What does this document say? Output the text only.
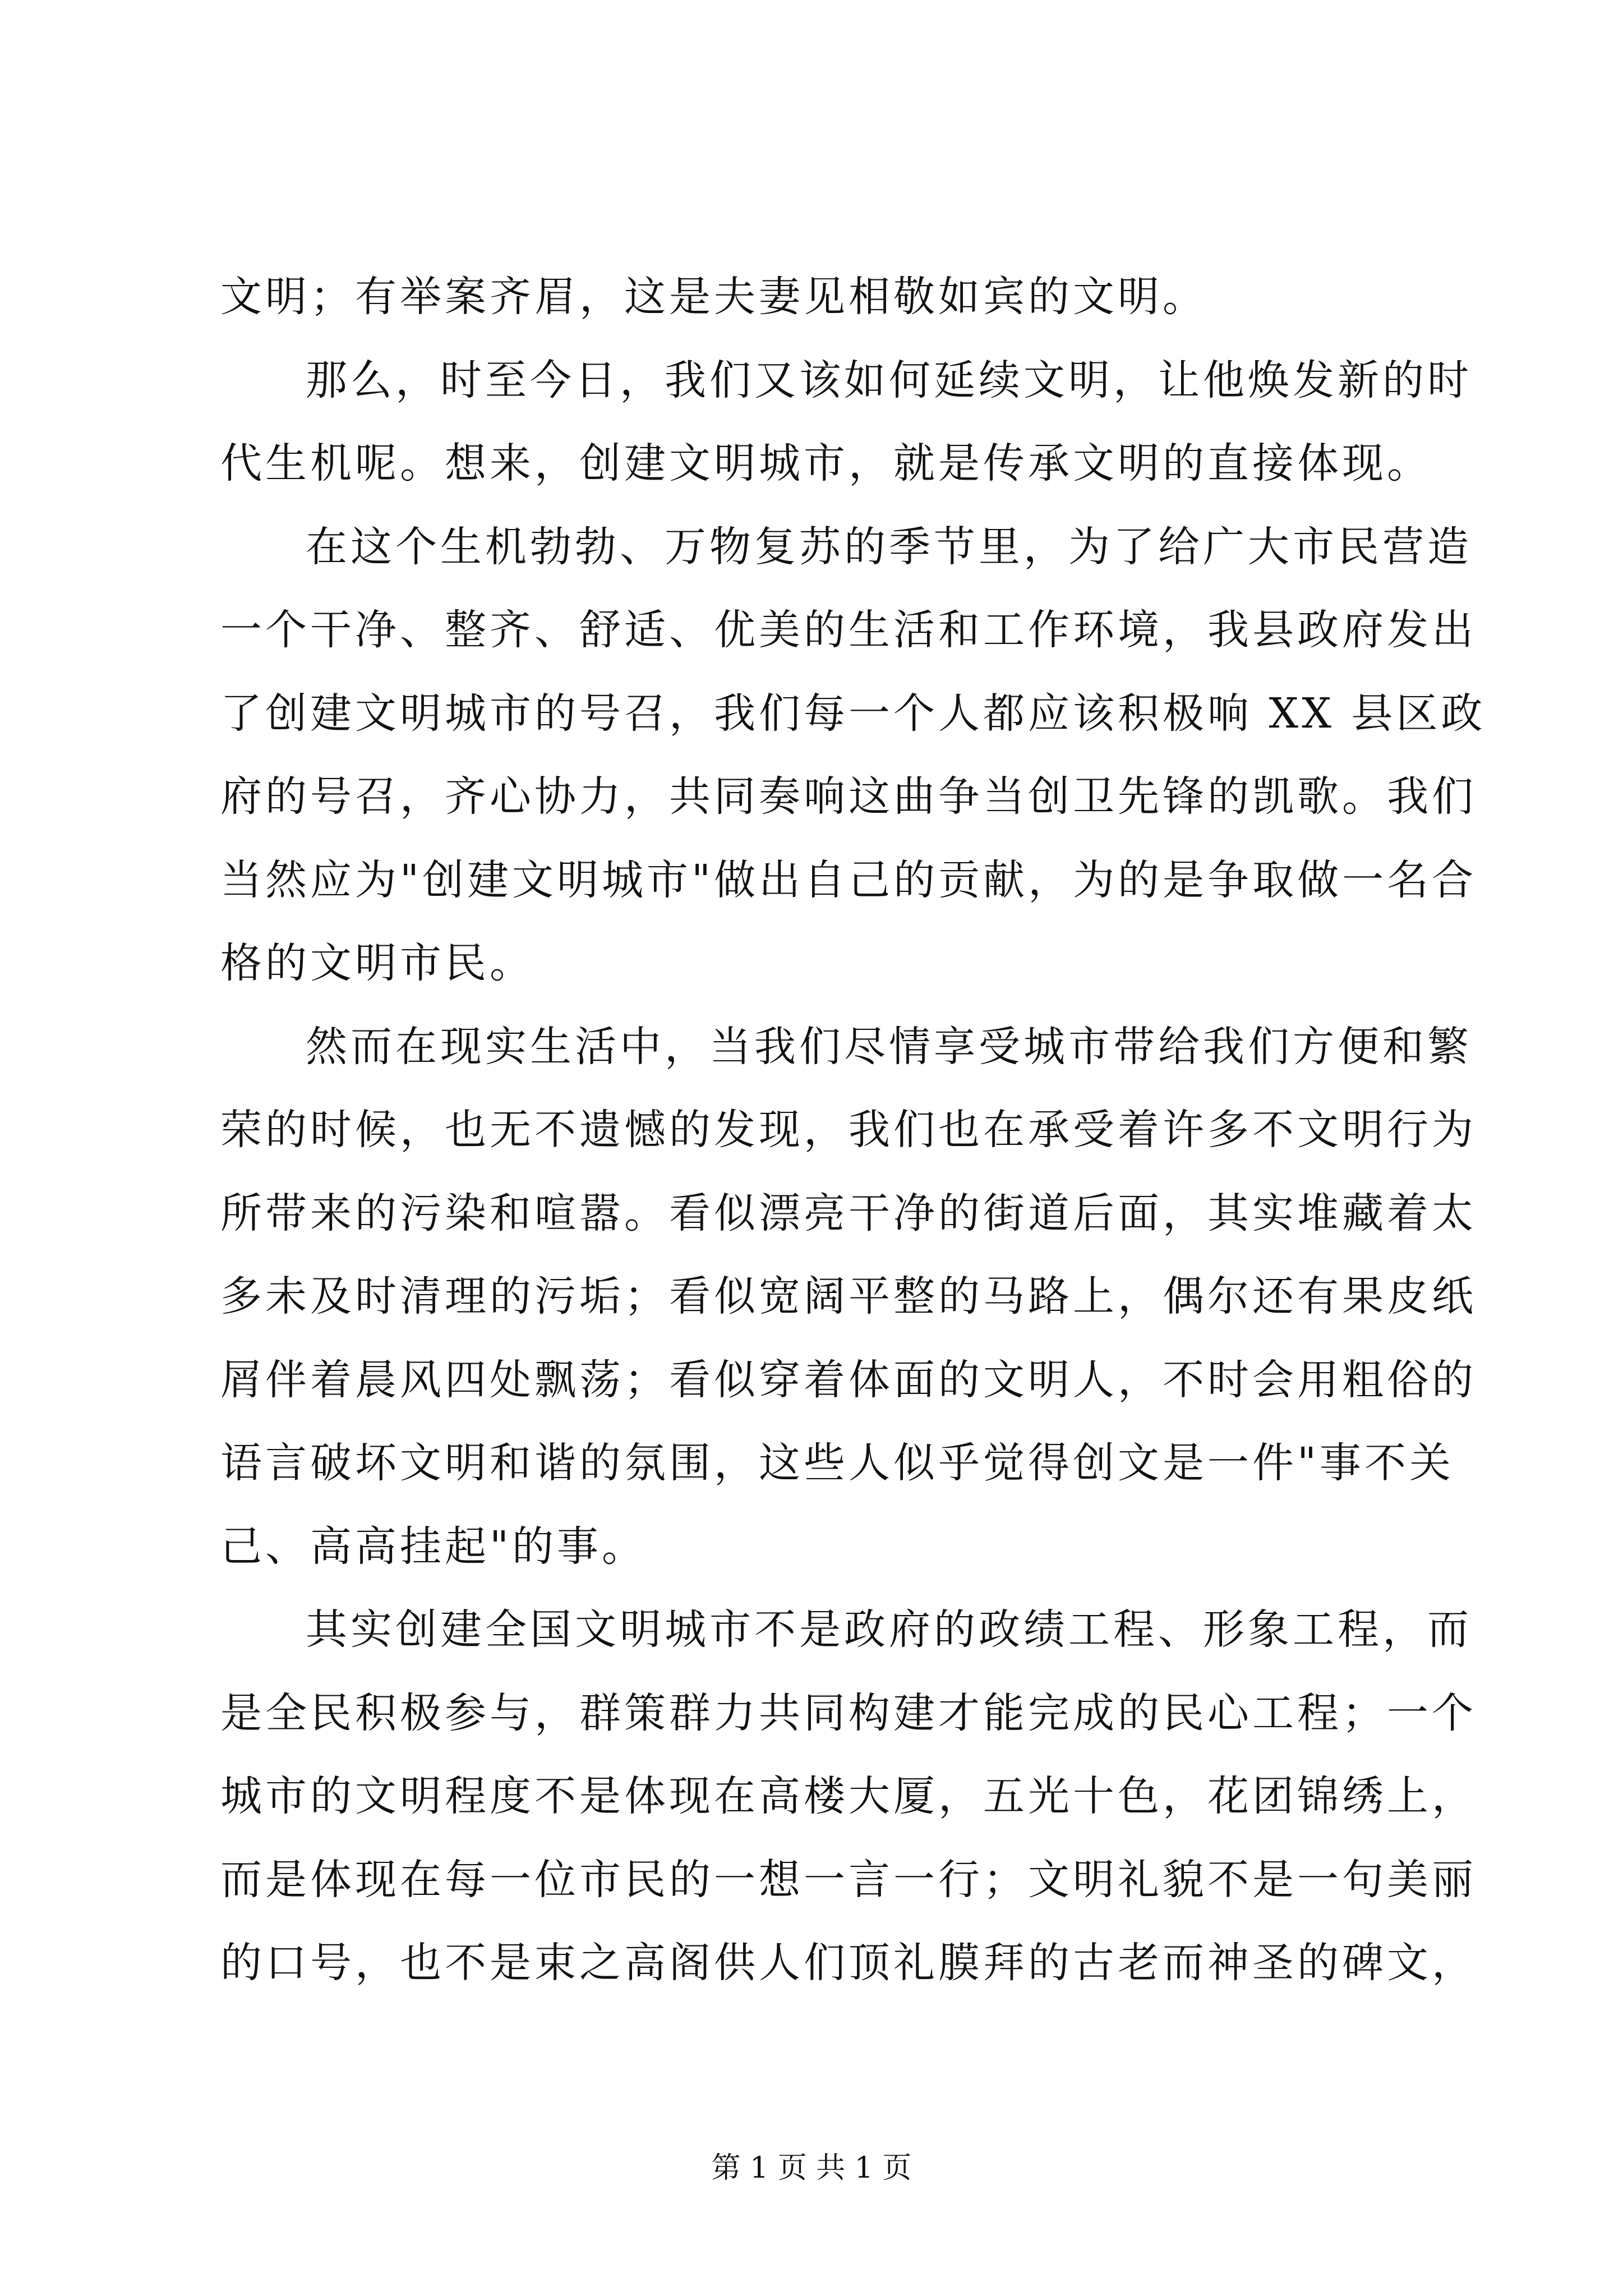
文明；有举案齐眉，这是夫妻见相敬如宾的文明。
那么，时至今日，我们又该如何延续文明，让他焕发新的时
代生机呢。想来，创建文明城市，就是传承文明的直接体现。
在这个生机勃勃、万物复苏的季节里，为了给广大市民营造
一个干净、整齐、舒适、优美的生活和工作环境，我县政府发出
了创建文明城市的号召，我们每一个人都应该积极响 XX 县区政
府的号召，齐心协力，共同奏响这曲争当创卫先锋的凯歌。我们
当然应为"创建文明城市"做出自己的贡献，为的是争取做一名合
格的文明市民。
然而在现实生活中，当我们尽情享受城市带给我们方便和繁
荣的时候，也无不遗憾的发现，我们也在承受着许多不文明行为
所带来的污染和喧嚣。看似漂亮干净的街道后面，其实堆藏着太
多未及时清理的污垢；看似宽阔平整的马路上，偶尔还有果皮纸
屑伴着晨风四处飘荡；看似穿着体面的文明人，不时会用粗俗的
语言破坏文明和谐的氛围，这些人似乎觉得创文是一件"事不关
己、高高挂起"的事。
其实创建全国文明城市不是政府的政绩工程、形象工程，而
是全民积极参与，群策群力共同构建才能完成的民心工程；一个
城市的文明程度不是体现在高楼大厦，五光十色，花团锦绣上，
而是体现在每一位市民的一想一言一行；文明礼貌不是一句美丽
的口号，也不是束之高阁供人们顶礼膜拜的古老而神圣的碑文，
第 1 页 共 1 页
